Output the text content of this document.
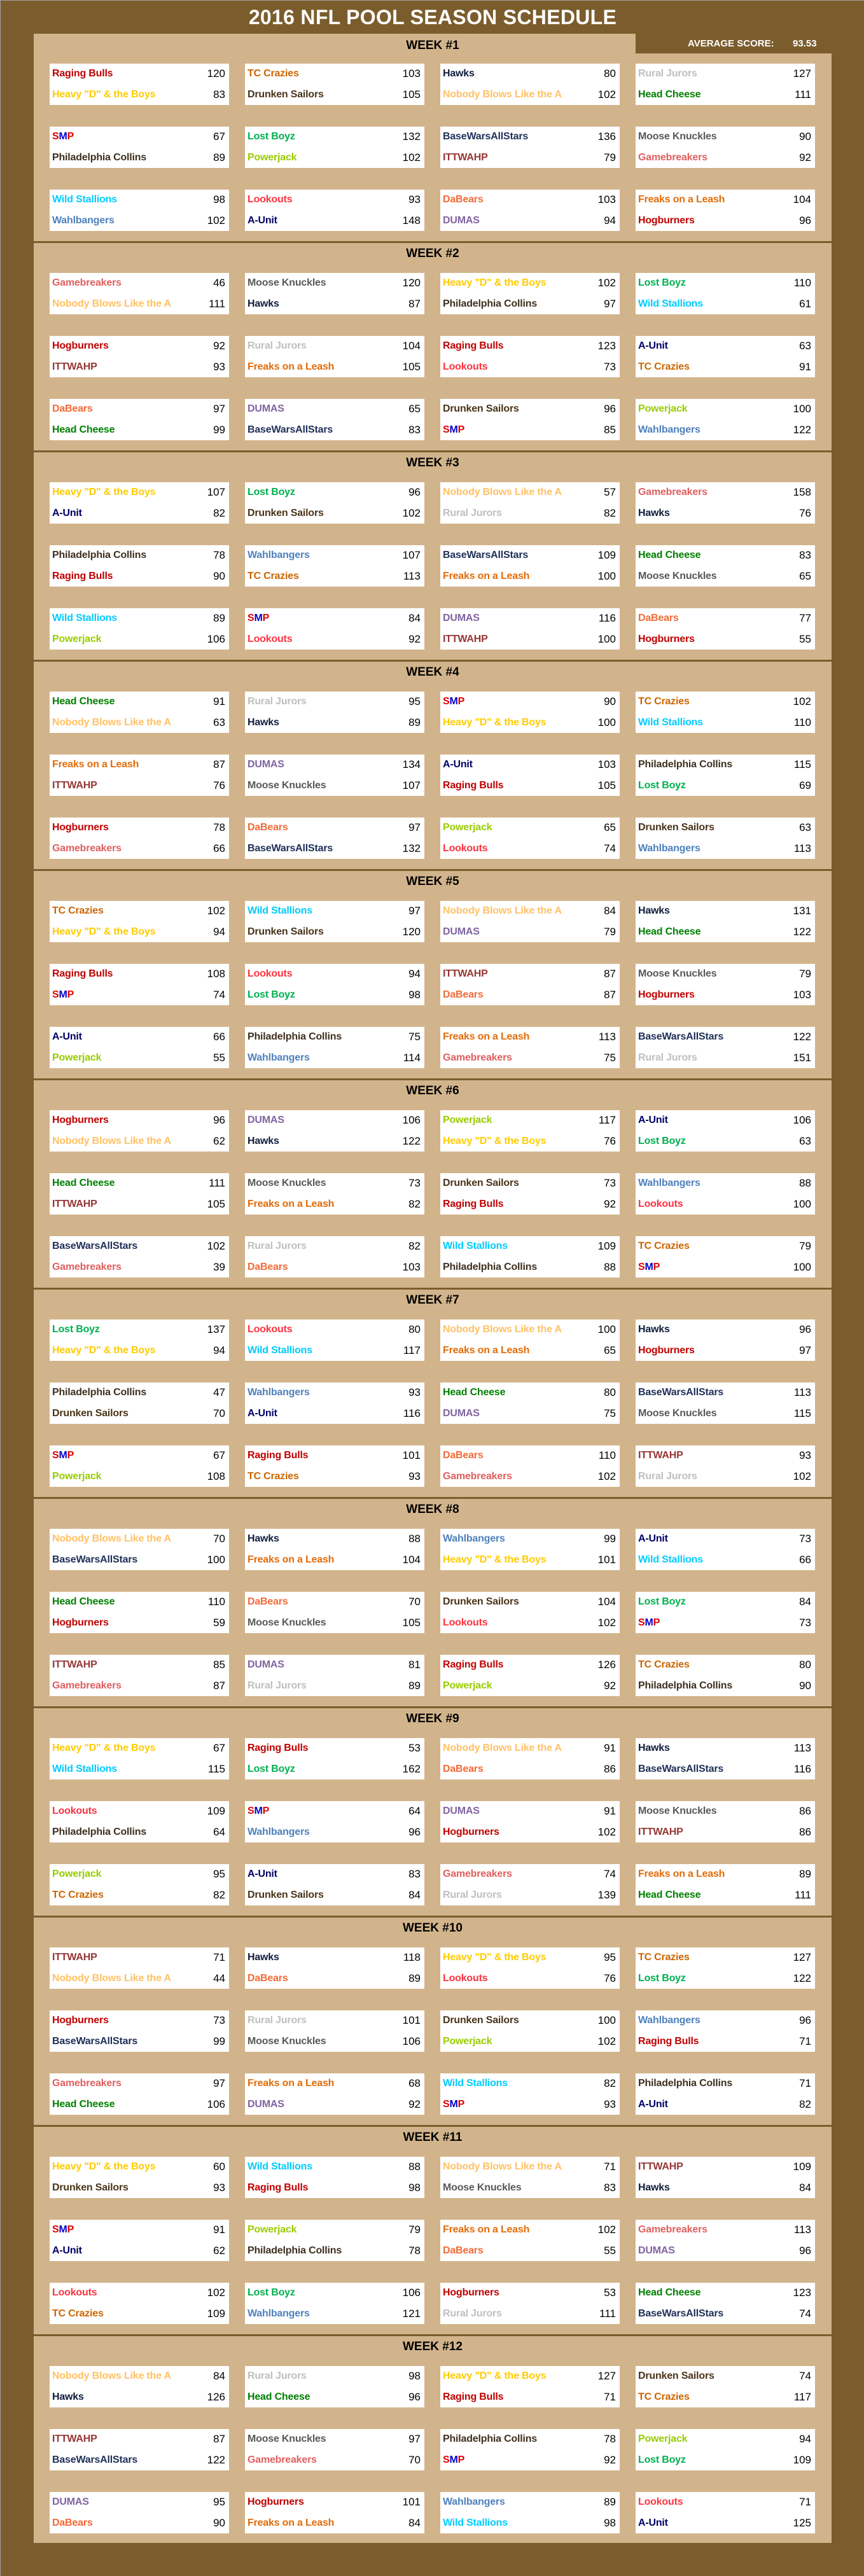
2016 NFL POOL SEASON SCHEDULE
AVERAGE SCORE: 93.53
WEEK #1
Raging Bulls	120
Heavy "D" & the Boys	83
TC Crazies	103
Drunken Sailors	105
Hawks	80
Nobody Blows Like the A	102
Rural Jurors	127
Head Cheese	111
SMP	67
Philadelphia Collins	89
Lost Boyz	132
Powerjack	102
BaseWarsAllStars	136
ITTWAHP	79
Moose Knuckles	90
Gamebreakers	92
Wild Stallions	98
Wahlbangers	102
Lookouts	93
A-Unit	148
DaBears	103
DUMAS	94
Freaks on a Leash	104
Hogburners	96
WEEK #2
Gamebreakers	46
Nobody Blows Like the A	111
Moose Knuckles	120
Hawks	87
Heavy "D" & the Boys	102
Philadelphia Collins	97
Lost Boyz	110
Wild Stallions	61
Hogburners	92
ITTWAHP	93
Rural Jurors	104
Freaks on a Leash	105
Raging Bulls	123
Lookouts	73
A-Unit	63
TC Crazies	91
DaBears	97
Head Cheese	99
DUMAS	65
BaseWarsAllStars	83
Drunken Sailors	96
SMP	85
Powerjack	100
Wahlbangers	122
WEEK #3
Heavy "D" & the Boys	107
A-Unit	82
Lost Boyz	96
Drunken Sailors	102
Nobody Blows Like the A	57
Rural Jurors	82
Gamebreakers	158
Hawks	76
Philadelphia Collins	78
Raging Bulls	90
Wahlbangers	107
TC Crazies	113
BaseWarsAllStars	109
Freaks on a Leash	100
Head Cheese	83
Moose Knuckles	65
Wild Stallions	89
Powerjack	106
SMP	84
Lookouts	92
DUMAS	116
ITTWAHP	100
DaBears	77
Hogburners	55
WEEK #4
Head Cheese	91
Nobody Blows Like the A	63
Rural Jurors	95
Hawks	89
SMP	90
Heavy "D" & the Boys	100
TC Crazies	102
Wild Stallions	110
Freaks on a Leash	87
ITTWAHP	76
DUMAS	134
Moose Knuckles	107
A-Unit	103
Raging Bulls	105
Philadelphia Collins	115
Lost Boyz	69
Hogburners	78
Gamebreakers	66
DaBears	97
BaseWarsAllStars	132
Powerjack	65
Lookouts	74
Drunken Sailors	63
Wahlbangers	113
WEEK #5
TC Crazies	102
Heavy "D" & the Boys	94
Wild Stallions	97
Drunken Sailors	120
Nobody Blows Like the A	84
DUMAS	79
Hawks	131
Head Cheese	122
Raging Bulls	108
SMP	74
Lookouts	94
Lost Boyz	98
ITTWAHP	87
DaBears	87
Moose Knuckles	79
Hogburners	103
A-Unit	66
Powerjack	55
Philadelphia Collins	75
Wahlbangers	114
Freaks on a Leash	113
Gamebreakers	75
BaseWarsAllStars	122
Rural Jurors	151
WEEK #6
Hogburners	96
Nobody Blows Like the A	62
DUMAS	106
Hawks	122
Powerjack	117
Heavy "D" & the Boys	76
A-Unit	106
Lost Boyz	63
Head Cheese	111
ITTWAHP	105
Moose Knuckles	73
Freaks on a Leash	82
Drunken Sailors	73
Raging Bulls	92
Wahlbangers	88
Lookouts	100
BaseWarsAllStars	102
Gamebreakers	39
Rural Jurors	82
DaBears	103
Wild Stallions	109
Philadelphia Collins	88
TC Crazies	79
SMP	100
WEEK #7
Lost Boyz	137
Heavy "D" & the Boys	94
Lookouts	80
Wild Stallions	117
Nobody Blows Like the A	100
Freaks on a Leash	65
Hawks	96
Hogburners	97
Philadelphia Collins	47
Drunken Sailors	70
Wahlbangers	93
A-Unit	116
Head Cheese	80
DUMAS	75
BaseWarsAllStars	113
Moose Knuckles	115
SMP	67
Powerjack	108
Raging Bulls	101
TC Crazies	93
DaBears	110
Gamebreakers	102
ITTWAHP	93
Rural Jurors	102
WEEK #8
Nobody Blows Like the A	70
BaseWarsAllStars	100
Hawks	88
Freaks on a Leash	104
Wahlbangers	99
Heavy "D" & the Boys	101
A-Unit	73
Wild Stallions	66
Head Cheese	110
Hogburners	59
DaBears	70
Moose Knuckles	105
Drunken Sailors	104
Lookouts	102
Lost Boyz	84
SMP	73
ITTWAHP	85
Gamebreakers	87
DUMAS	81
Rural Jurors	89
Raging Bulls	126
Powerjack	92
TC Crazies	80
Philadelphia Collins	90
WEEK #9
Heavy "D" & the Boys	67
Wild Stallions	115
Raging Bulls	53
Lost Boyz	162
Nobody Blows Like the A	91
DaBears	86
Hawks	113
BaseWarsAllStars	116
Lookouts	109
Philadelphia Collins	64
SMP	64
Wahlbangers	96
DUMAS	91
Hogburners	102
Moose Knuckles	86
ITTWAHP	86
Powerjack	95
TC Crazies	82
A-Unit	83
Drunken Sailors	84
Gamebreakers	74
Rural Jurors	139
Freaks on a Leash	89
Head Cheese	111
WEEK #10
ITTWAHP	71
Nobody Blows Like the A	44
Hawks	118
DaBears	89
Heavy "D" & the Boys	95
Lookouts	76
TC Crazies	127
Lost Boyz	122
Hogburners	73
BaseWarsAllStars	99
Rural Jurors	101
Moose Knuckles	106
Drunken Sailors	100
Powerjack	102
Wahlbangers	96
Raging Bulls	71
Gamebreakers	97
Head Cheese	106
Freaks on a Leash	68
DUMAS	92
Wild Stallions	82
SMP	93
Philadelphia Collins	71
A-Unit	82
WEEK #11
Heavy "D" & the Boys	60
Drunken Sailors	93
Wild Stallions	88
Raging Bulls	98
Nobody Blows Like the A	71
Moose Knuckles	83
ITTWAHP	109
Hawks	84
SMP	91
A-Unit	62
Powerjack	79
Philadelphia Collins	78
Freaks on a Leash	102
DaBears	55
Gamebreakers	113
DUMAS	96
Lookouts	102
TC Crazies	109
Lost Boyz	106
Wahlbangers	121
Hogburners	53
Rural Jurors	111
Head Cheese	123
BaseWarsAllStars	74
WEEK #12
Nobody Blows Like the A	84
Hawks	126
Rural Jurors	98
Head Cheese	96
Heavy "D" & the Boys	127
Raging Bulls	71
Drunken Sailors	74
TC Crazies	117
ITTWAHP	87
BaseWarsAllStars	122
Moose Knuckles	97
Gamebreakers	70
Philadelphia Collins	78
SMP	92
Powerjack	94
Lost Boyz	109
DUMAS	95
DaBears	90
Hogburners	101
Freaks on a Leash	84
Wahlbangers	89
Wild Stallions	98
Lookouts	71
A-Unit	125
